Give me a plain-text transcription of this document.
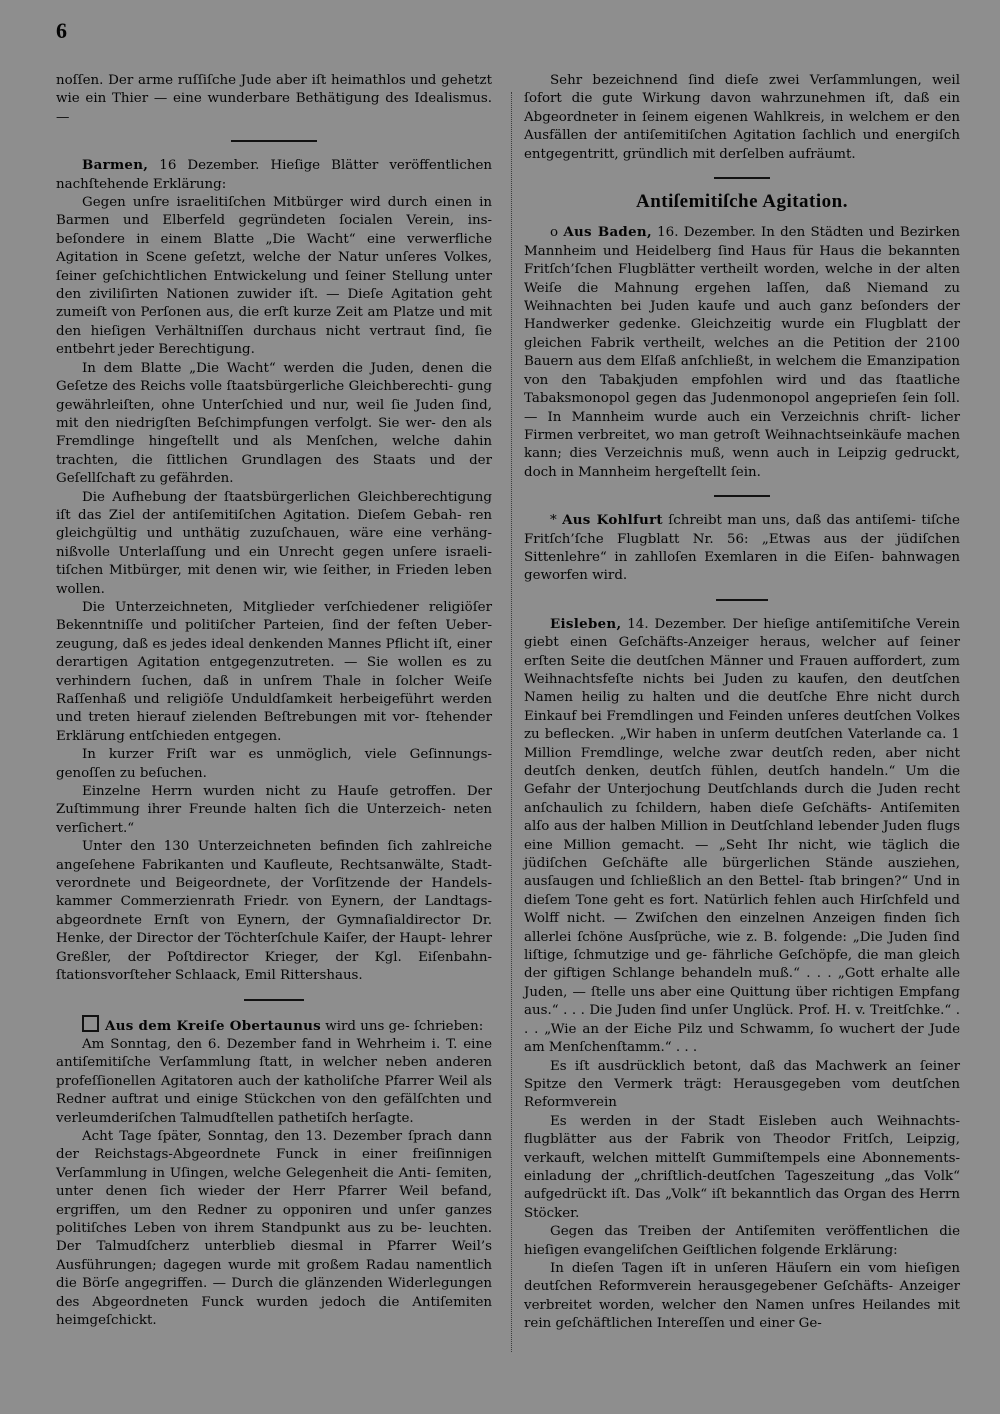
6

noſſen. Der arme ruſſiſche Jude aber iſt heimathlos und gehetzt wie ein Thier — eine wunderbare Bethätigung des Idealismus. —

Barmen, 16 Dezember. Hieſige Blätter veröffentlichen nachſtehende Erklärung:

Gegen unſre israelitiſchen Mitbürger wird durch einen in Barmen und Elberfeld gegründeten ſocialen Verein, ins- beſondere in einem Blatte „Die Wacht“ eine verwerfliche Agitation in Scene geſetzt, welche der Natur unſeres Volkes, ſeiner geſchichtlichen Entwickelung und ſeiner Stellung unter den ziviliſirten Nationen zuwider iſt. — Dieſe Agitation geht zumeiſt von Perſonen aus, die erſt kurze Zeit am Platze und mit den hieſigen Verhältniſſen durchaus nicht vertraut ſind, ſie entbehrt jeder Berechtigung.

In dem Blatte „Die Wacht“ werden die Juden, denen die Geſetze des Reichs volle ſtaatsbürgerliche Gleichberechti- gung gewährleiſten, ohne Unterſchied und nur, weil ſie Juden ſind, mit den niedrigſten Beſchimpfungen verfolgt. Sie wer- den als Fremdlinge hingeſtellt und als Menſchen, welche dahin trachten, die ſittlichen Grundlagen des Staats und der Geſellſchaft zu gefährden.

Die Aufhebung der ſtaatsbürgerlichen Gleichberechtigung iſt das Ziel der antiſemitiſchen Agitation. Dieſem Gebah- ren gleichgültig und unthätig zuzuſchauen, wäre eine verhäng- nißvolle Unterlaſſung und ein Unrecht gegen unſere israeli- tiſchen Mitbürger, mit denen wir, wie ſeither, in Frieden leben wollen.

Die Unterzeichneten, Mitglieder verſchiedener religiöſer Bekenntniſſe und politiſcher Parteien, ſind der feſten Ueber- zeugung, daß es jedes ideal denkenden Mannes Pflicht iſt, einer derartigen Agitation entgegenzutreten. — Sie wollen es zu verhindern ſuchen, daß in unſrem Thale in ſolcher Weiſe Raſſenhaß und religiöſe Unduldſamkeit herbeigeführt werden und treten hierauf zielenden Beſtrebungen mit vor- ſtehender Erklärung entſchieden entgegen.

In kurzer Friſt war es unmöglich, viele Geſinnungs- genoſſen zu beſuchen.

Einzelne Herrn wurden nicht zu Hauſe getroffen. Der Zuſtimmung ihrer Freunde halten ſich die Unterzeich- neten verſichert.“

Unter den 130 Unterzeichneten befinden ſich zahlreiche angeſehene Fabrikanten und Kaufleute, Rechtsanwälte, Stadt- verordnete und Beigeordnete, der Vorſitzende der Handels- kammer Commerzienrath Friedr. von Eynern, der Landtags- abgeordnete Ernſt von Eynern, der Gymnaſialdirector Dr. Henke, der Director der Töchterſchule Kaiſer, der Haupt- lehrer Greßler, der Poſtdirector Krieger, der Kgl. Eiſenbahn- ſtationsvorſteher Schlaack, Emil Rittershaus.

Aus dem Kreiſe Obertaunus wird uns ge- ſchrieben:

Am Sonntag, den 6. Dezember fand in Wehrheim i. T. eine antiſemitiſche Verſammlung ſtatt, in welcher neben anderen profeſſionellen Agitatoren auch der katholiſche Pfarrer Weil als Redner auftrat und einige Stückchen von den gefälſchten und verleumderiſchen Talmudſtellen pathetiſch herſagte.

Acht Tage ſpäter, Sonntag, den 13. Dezember ſprach dann der Reichstags-Abgeordnete Funck in einer freiſinnigen Verſammlung in Uſingen, welche Gelegenheit die Anti- ſemiten, unter denen ſich wieder der Herr Pfarrer Weil befand, ergriffen, um den Redner zu opponiren und unſer ganzes politiſches Leben von ihrem Standpunkt aus zu be- leuchten. Der Talmudſcherz unterblieb diesmal in Pfarrer Weil’s Ausführungen; dagegen wurde mit großem Radau namentlich die Börſe angegriffen. — Durch die glänzenden Widerlegungen des Abgeordneten Funck wurden jedoch die Antiſemiten heimgeſchickt.

Sehr bezeichnend ſind dieſe zwei Verſammlungen, weil ſofort die gute Wirkung davon wahrzunehmen iſt, daß ein Abgeordneter in ſeinem eigenen Wahlkreis, in welchem er den Ausfällen der antiſemitiſchen Agitation ſachlich und energiſch entgegentritt, gründlich mit derſelben aufräumt.

Antiſemitiſche Agitation.

o Aus Baden, 16. Dezember. In den Städten und Bezirken Mannheim und Heidelberg ſind Haus für Haus die bekannten Fritſch’ſchen Flugblätter vertheilt worden, welche in der alten Weiſe die Mahnung ergehen laſſen, daß Niemand zu Weihnachten bei Juden kaufe und auch ganz beſonders der Handwerker gedenke. Gleichzeitig wurde ein Flugblatt der gleichen Fabrik vertheilt, welches an die Petition der 2100 Bauern aus dem Elſaß anſchließt, in welchem die Emanzipation von den Tabakjuden empfohlen wird und das ſtaatliche Tabaksmonopol gegen das Judenmonopol angeprieſen ſein ſoll. — In Mannheim wurde auch ein Verzeichnis chriſt- licher Firmen verbreitet, wo man getroſt Weihnachtseinkäufe machen kann; dies Verzeichnis muß, wenn auch in Leipzig gedruckt, doch in Mannheim hergeſtellt ſein.

* Aus Kohlfurt ſchreibt man uns, daß das antiſemi- tiſche Fritſch’ſche Flugblatt Nr. 56: „Etwas aus der jüdiſchen Sittenlehre“ in zahlloſen Exemlaren in die Eiſen- bahnwagen geworfen wird.

Eisleben, 14. Dezember. Der hieſige antiſemitiſche Verein giebt einen Geſchäfts-Anzeiger heraus, welcher auf ſeiner erſten Seite die deutſchen Männer und Frauen auffordert, zum Weihnachtsfeſte nichts bei Juden zu kaufen, den deutſchen Namen heilig zu halten und die deutſche Ehre nicht durch Einkauf bei Fremdlingen und Feinden unſeres deutſchen Volkes zu beflecken. „Wir haben in unſerm deutſchen Vaterlande ca. 1 Million Fremdlinge, welche zwar deutſch reden, aber nicht deutſch denken, deutſch fühlen, deutſch handeln.“ Um die Gefahr der Unterjochung Deutſchlands durch die Juden recht anſchaulich zu ſchildern, haben dieſe Geſchäfts- Antiſemiten alſo aus der halben Million in Deutſchland lebender Juden flugs eine Million gemacht. — „Seht Ihr nicht, wie täglich die jüdiſchen Geſchäfte alle bürgerlichen Stände ausziehen, ausſaugen und ſchließlich an den Bettel- ſtab bringen?“ Und in dieſem Tone geht es fort. Natürlich fehlen auch Hirſchfeld und Wolff nicht. — Zwiſchen den einzelnen Anzeigen finden ſich allerlei ſchöne Ausſprüche, wie z. B. folgende: „Die Juden ſind liſtige, ſchmutzige und ge- fährliche Geſchöpfe, die man gleich der giftigen Schlange behandeln muß.“ . . . „Gott erhalte alle Juden, — ſtelle uns aber eine Quittung über richtigen Empfang aus.“ . . . Die Juden ſind unſer Unglück. Prof. H. v. Treitſchke.“ . . . „Wie an der Eiche Pilz und Schwamm, ſo wuchert der Jude am Menſchenſtamm.“ . . .

Es iſt ausdrücklich betont, daß das Machwerk an ſeiner Spitze den Vermerk trägt: Herausgegeben vom deutſchen Reformverein

Es werden in der Stadt Eisleben auch Weihnachts- flugblätter aus der Fabrik von Theodor Fritſch, Leipzig, verkauft, welchen mittelſt Gummiſtempels eine Abonnements- einladung der „chriſtlich-deutſchen Tageszeitung „das Volk“ aufgedrückt iſt. Das „Volk“ iſt bekanntlich das Organ des Herrn Stöcker.

Gegen das Treiben der Antiſemiten veröffentlichen die hieſigen evangeliſchen Geiſtlichen folgende Erklärung:

In dieſen Tagen iſt in unſeren Häuſern ein vom hieſigen deutſchen Reformverein herausgegebener Geſchäfts- Anzeiger verbreitet worden, welcher den Namen unſres Heilandes mit rein geſchäftlichen Intereſſen und einer Ge-
